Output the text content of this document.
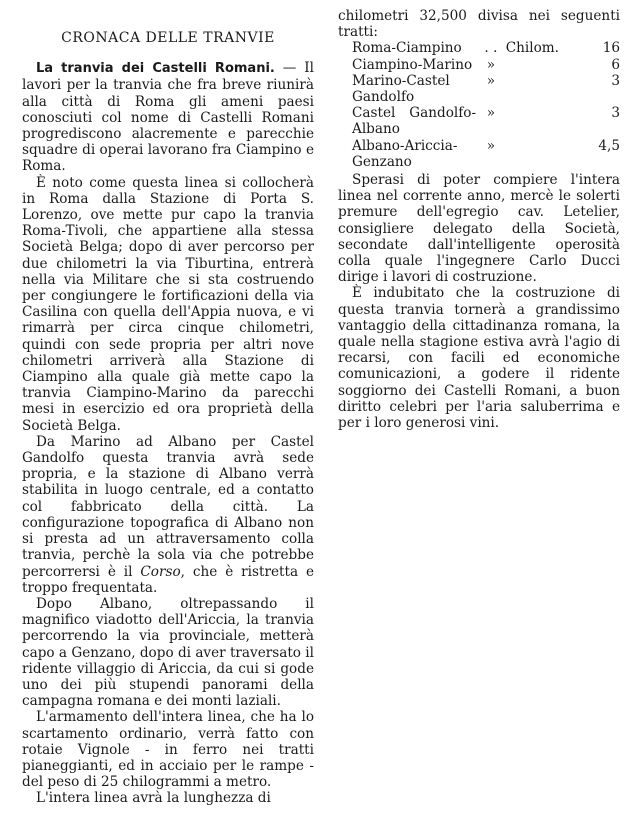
CRONACA DELLE TRANVIE

La tranvia dei Castelli Romani. — Il lavori per la tranvia che fra breve riunirà alla città di Roma gli ameni paesi conosciuti col nome di Castelli Romani progrediscono alacremente e parecchie squadre di operai lavorano fra Ciampino e Roma.

È noto come questa linea si collocherà in Roma dalla Stazione di Porta S. Lorenzo, ove mette pur capo la tranvia Roma-Tivoli, che appartiene alla stessa Società Belga; dopo di aver percorso per due chilometri la via Tiburtina, entrerà nella via Militare che si sta costruendo per congiungere le fortificazioni della via Casilina con quella dell'Appia nuova, e vi rimarrà per circa cinque chilometri, quindi con sede propria per altri nove chilometri arriverà alla Stazione di Ciampino alla quale già mette capo la tranvia Ciampino-Marino da parecchi mesi in esercizio ed ora proprietà della Società Belga.

Da Marino ad Albano per Castel Gandolfo questa tranvia avrà sede propria, e la stazione di Albano verrà stabilita in luogo centrale, ed a contatto col fabbricato della città. La configurazione topografica di Albano non si presta ad un attraversamento colla tranvia, perchè la sola via che potrebbe percorrersi è il Corso, che è ristretta e troppo frequentata.

Dopo Albano, oltrepassando il magnifico viadotto dell'Ariccia, la tranvia percorrendo la via provinciale, metterà capo a Genzano, dopo di aver traversato il ridente villaggio di Ariccia, da cui si gode uno dei più stupendi panorami della campagna romana e dei monti laziali.

L'armamento dell'intera linea, che ha lo scartamento ordinario, verrà fatto con rotaie Vignole - in ferro nei tratti pianeggianti, ed in acciaio per le rampe - del peso di 25 chilogrammi a metro.

L'intera linea avrà la lunghezza di

chilometri 32,500 divisa nei seguenti tratti:

Roma-Ciampino	. .	Chilom.	16
Ciampino-Marino	»		6
Marino-Castel Gandolfo	»		3
Castel Gandolfo-Albano	»		3
Albano-Ariccia-Genzano	»		4,5

Sperasi di poter compiere l'intera linea nel corrente anno, mercè le solerti premure dell'egregio cav. Letelier, consigliere delegato della Società, secondate dall'intelligente operosità colla quale l'ingegnere Carlo Ducci dirige i lavori di costruzione.

È indubitato che la costruzione di questa tranvia tornerà a grandissimo vantaggio della cittadinanza romana, la quale nella stagione estiva avrà l'agio di recarsi, con facili ed economiche comunicazioni, a godere il ridente soggiorno dei Castelli Romani, a buon diritto celebri per l'aria saluberrima e per i loro generosi vini.
